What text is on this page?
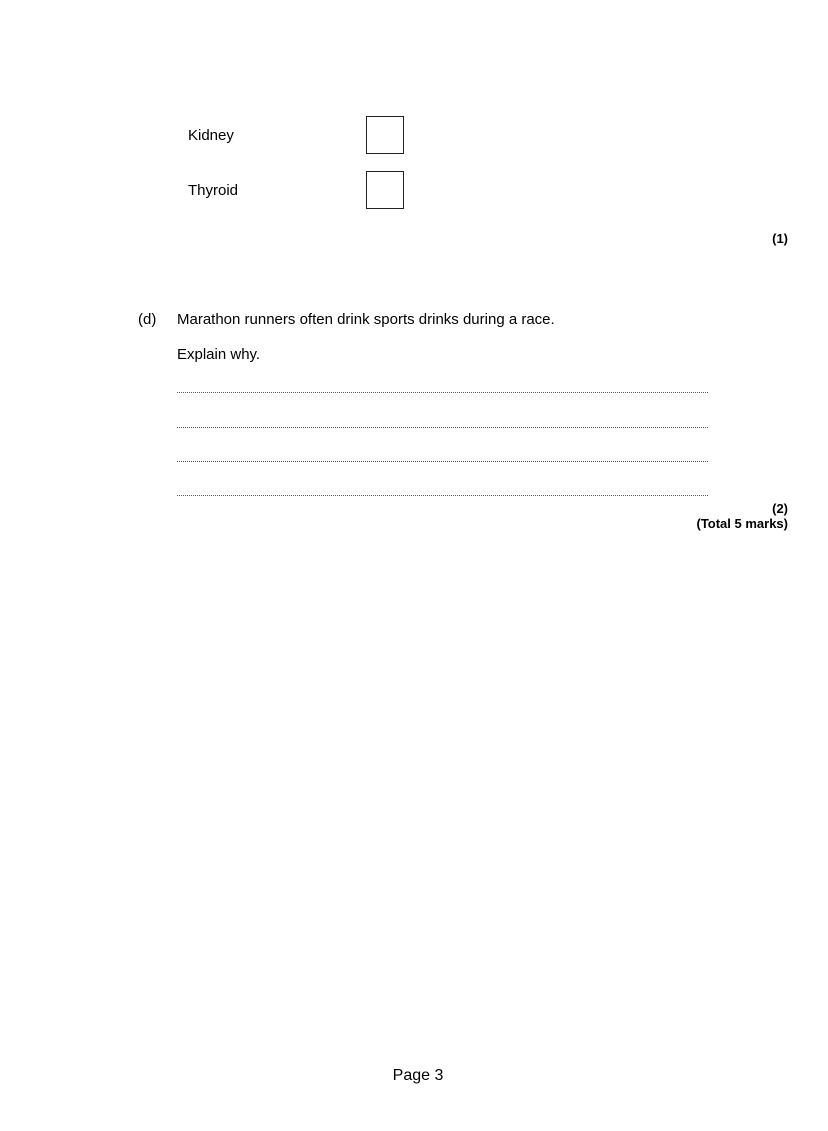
Kidney
Thyroid
(1)
(d) Marathon runners often drink sports drinks during a race.
Explain why.
(2)
(Total 5 marks)
Page 3
